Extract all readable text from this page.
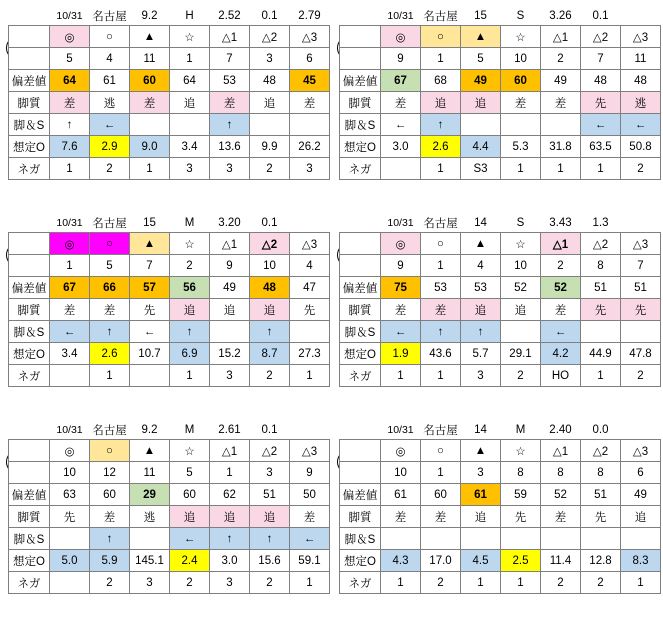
	10/31	名古屋	9.2	H	2.52	0.1	2.79
	◎	○	▲	☆	△1	△2	△3
	5	4	11	1	7	3	6
偏差値	64	61	60	64	53	48	45
脚質	差	逃	差	追	差	追	差
脚＆S	↑	←			↑		
想定O	7.6	2.9	9.0	3.4	13.6	9.9	26.2
ネガ	1	2	1	3	3	2	3
	10/31	名古屋	15	S	3.26	0.1	
	◎	○	▲	☆	△1	△2	△3
	9	1	5	10	2	7	11
偏差値	67	68	49	60	49	48	48
脚質	差	追	追	差	差	先	逃
脚＆S	←	↑				←	←
想定O	3.0	2.6	4.4	5.3	31.8	63.5	50.8
ネガ		1	S3	1	1	1	2
	10/31	名古屋	15	M	3.20	0.1	
	◎	○	▲	☆	△1	△2	△3
	1	5	7	2	9	10	4
偏差値	67	66	57	56	49	48	47
脚質	差	差	先	追	追	追	先
脚＆S	←	↑	←	↑		↑	
想定O	3.4	2.6	10.7	6.9	15.2	8.7	27.3
ネガ		1		1	3	2	1
	10/31	名古屋	14	S	3.43	1.3	
	◎	○	▲	☆	△1	△2	△3
	9	1	4	10	2	8	7
偏差値	75	53	53	52	52	51	51
脚質	差	差	追	追	差	先	先
脚＆S	←	↑	↑		←		
想定O	1.9	43.6	5.7	29.1	4.2	44.9	47.8
ネガ	1	1	3	2	HO	1	2
	10/31	名古屋	9.2	M	2.61	0.1	
	◎	○	▲	☆	△1	△2	△3
	10	12	11	5	1	3	9
偏差値	63	60	29	60	62	51	50
脚質	先	差	逃	追	追	追	差
脚＆S		↑		←	↑	↑	←
想定O	5.0	5.9	145.1	2.4	3.0	15.6	59.1
ネガ		2	3	2	3	2	1
	10/31	名古屋	14	M	2.40	0.0	
	◎	○	▲	☆	△1	△2	△3
	10	1	3	8	8	8	6
偏差値	61	60	61	59	52	51	49
脚質	差	差	追	先	差	先	追
脚＆S							
想定O	4.3	17.0	4.5	2.5	11.4	12.8	8.3
ネガ	1	2	1	1	2	2	1
